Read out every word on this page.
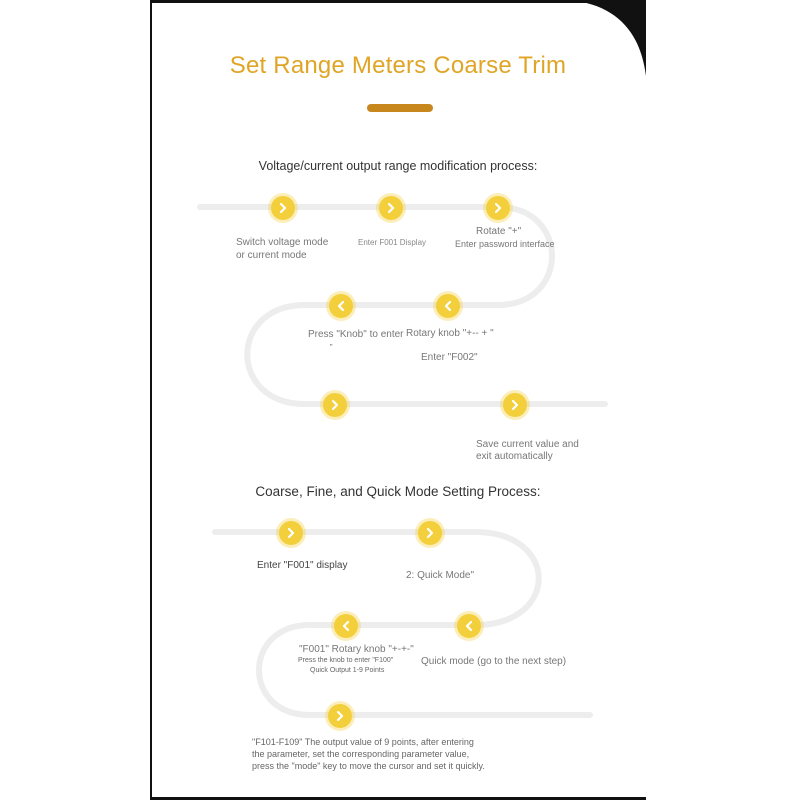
Set Range Meters Coarse Trim
Voltage/current output range modification process:
Coarse, Fine, and Quick Mode Setting Process:
Switch voltage mode
or current mode
Enter F001 Display
Rotate "+"
Enter password interface
Press "Knob" to enter
"
Rotary knob "+-- + "
Enter "F002"
Save current value and
exit automatically
Enter "F001" display
2: Quick Mode"
"F001" Rotary knob "+-+-"
Press the knob to enter "F100"
Quick Output 1-9 Points
Quick mode (go to the next step)
"F101-F109" The output value of 9 points, after entering
the parameter, set the corresponding parameter value,
press the "mode" key to move the cursor and set it quickly.
